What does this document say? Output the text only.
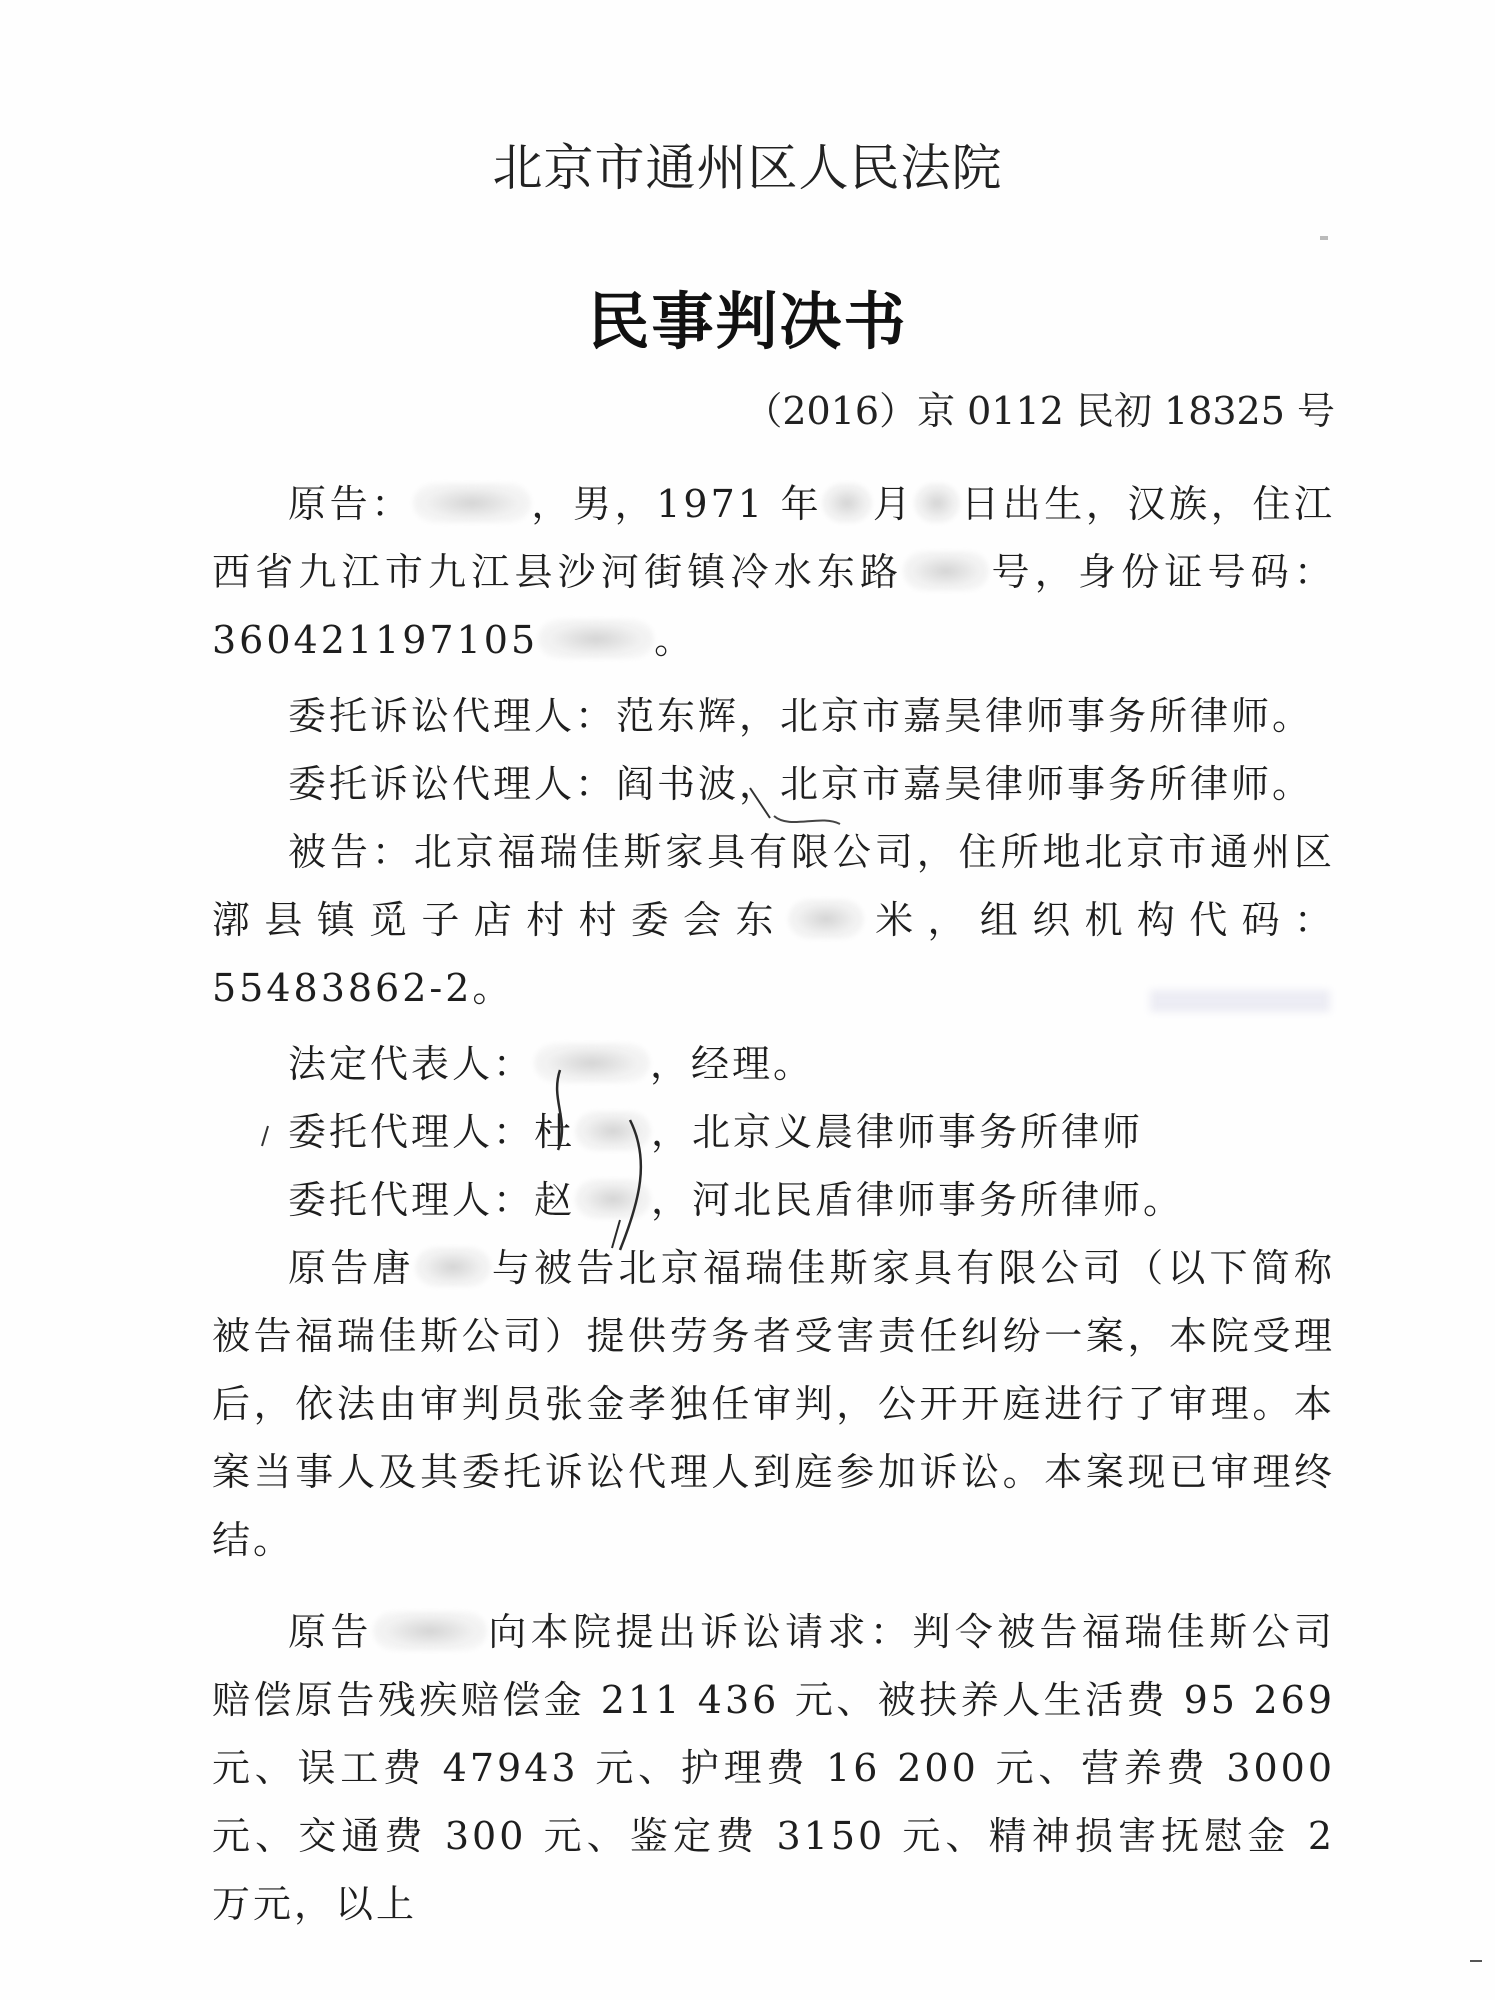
北京市通州区人民法院
民事判决书
（2016）京 0112 民初 18325 号

原告：	，男，1971 年 月 日出生，汉族，住江西省九江市九江县沙河街镇冷水东路 号，身份证号码：360421197105	。

委托诉讼代理人：范东辉，北京市嘉昊律师事务所律师。

委托诉讼代理人：阎书波，北京市嘉昊律师事务所律师。

被告：北京福瑞佳斯家具有限公司，住所地北京市通州区漷县镇觅子店村村委会东 米，组织机构代码：55483862-2。

法定代表人：	，经理。

委托代理人：杜 ，北京义晨律师事务所律师

委托代理人：赵 ，河北民盾律师事务所律师。

原告唐 与被告北京福瑞佳斯家具有限公司（以下简称被告福瑞佳斯公司）提供劳务者受害责任纠纷一案，本院受理后，依法由审判员张金孝独任审判，公开开庭进行了审理。本案当事人及其委托诉讼代理人到庭参加诉讼。本案现已审理终结。

原告	向本院提出诉讼请求：判令被告福瑞佳斯公司赔偿原告残疾赔偿金 211 436 元、被扶养人生活费 95 269 元、误工费 47943 元、护理费 16 200 元、营养费 3000 元、交通费 300 元、鉴定费 3150 元、精神损害抚慰金 2 万元，以上
